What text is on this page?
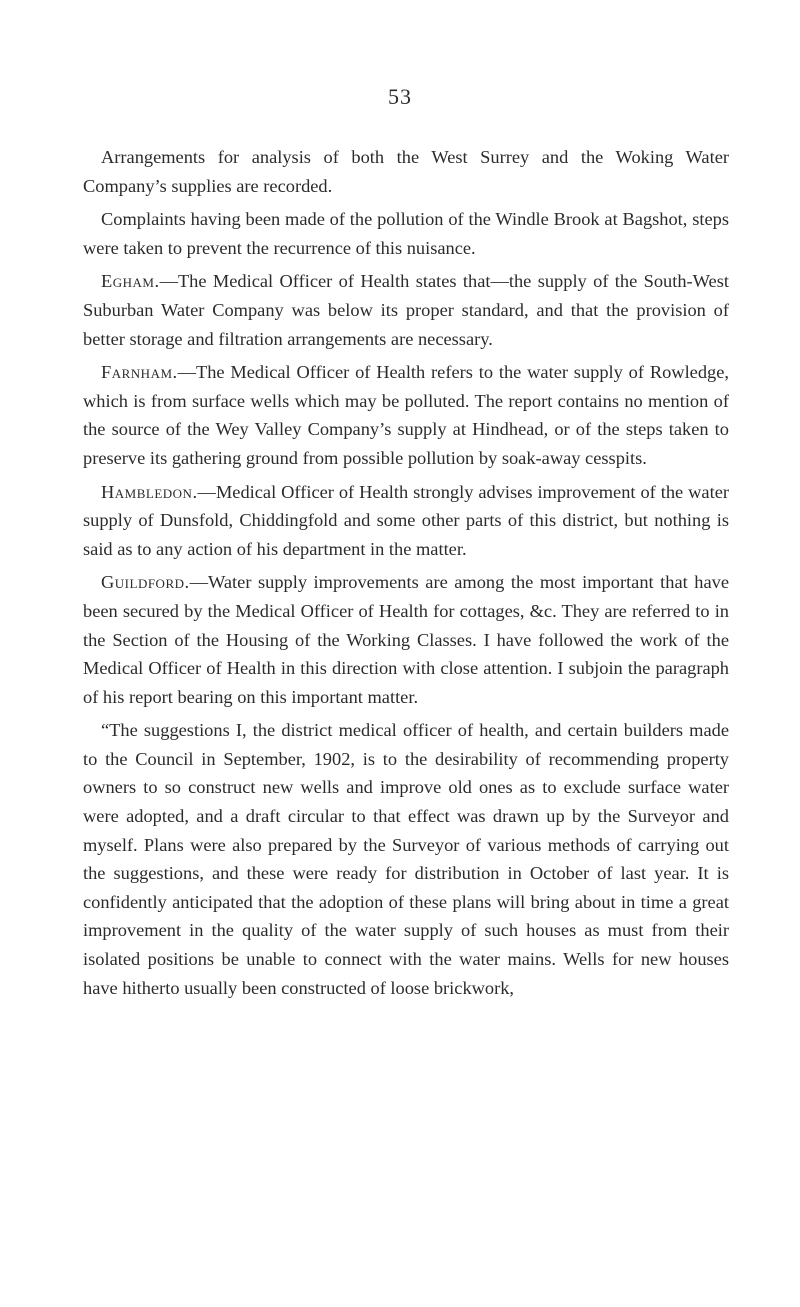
53

Arrangements for analysis of both the West Surrey and the Woking Water Company’s supplies are recorded.

Complaints having been made of the pollution of the Windle Brook at Bagshot, steps were taken to prevent the recurrence of this nuisance.

Egham.—The Medical Officer of Health states that—the supply of the South-West Suburban Water Company was below its proper standard, and that the provision of better storage and filtration arrangements are necessary.

Farnham.—The Medical Officer of Health refers to the water supply of Rowledge, which is from surface wells which may be polluted. The report contains no mention of the source of the Wey Valley Company’s supply at Hindhead, or of the steps taken to preserve its gathering ground from possible pollution by soak-away cesspits.

Hambledon.—Medical Officer of Health strongly advises improvement of the water supply of Dunsfold, Chiddingfold and some other parts of this district, but nothing is said as to any action of his department in the matter.

Guildford.—Water supply improvements are among the most important that have been secured by the Medical Officer of Health for cottages, &c. They are referred to in the Section of the Housing of the Working Classes. I have followed the work of the Medical Officer of Health in this direction with close attention. I subjoin the paragraph of his report bearing on this important matter.

“The suggestions I, the district medical officer of health, and certain builders made to the Council in September, 1902, is to the desirability of recommending property owners to so construct new wells and improve old ones as to exclude surface water were adopted, and a draft circular to that effect was drawn up by the Surveyor and myself. Plans were also prepared by the Surveyor of various methods of carrying out the suggestions, and these were ready for distribution in October of last year. It is confidently anticipated that the adoption of these plans will bring about in time a great improvement in the quality of the water supply of such houses as must from their isolated positions be unable to connect with the water mains. Wells for new houses have hitherto usually been constructed of loose brickwork,
